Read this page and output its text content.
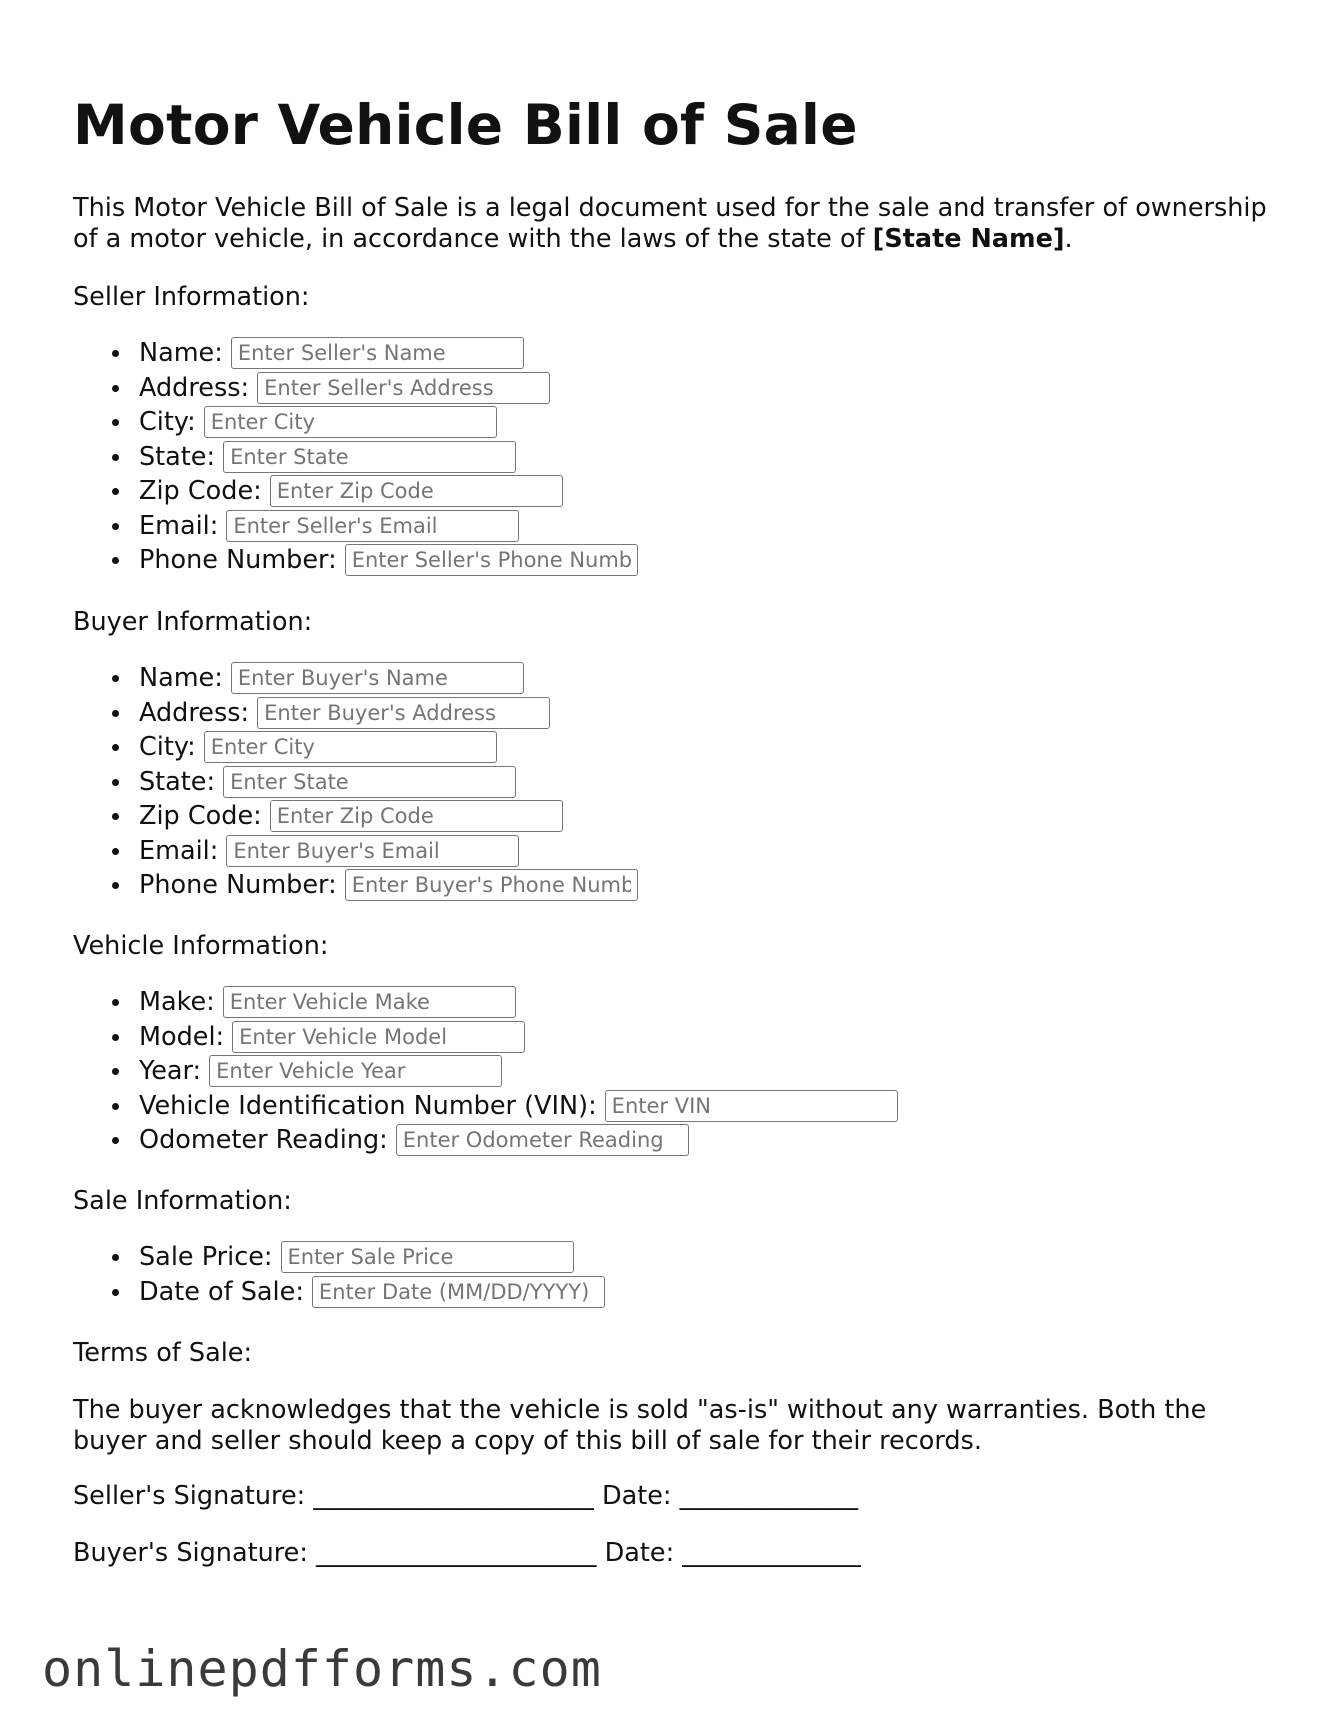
Motor Vehicle Bill of Sale
This Motor Vehicle Bill of Sale is a legal document used for the sale and transfer of ownership of a motor vehicle, in accordance with the laws of the state of [State Name].
Seller Information:
Name:Enter Seller's Name
Address:Enter Seller's Address
City:Enter City
State:Enter State
Zip Code:Enter Zip Code
Email:Enter Seller's Email
Phone Number:Enter Seller's Phone Number
Buyer Information:
Name:Enter Buyer's Name
Address:Enter Buyer's Address
City:Enter City
State:Enter State
Zip Code:Enter Zip Code
Email:Enter Buyer's Email
Phone Number:Enter Buyer's Phone Number
Vehicle Information:
Make:Enter Vehicle Make
Model:Enter Vehicle Model
Year:Enter Vehicle Year
Vehicle Identification Number (VIN):Enter VIN
Odometer Reading:Enter Odometer Reading
Sale Information:
Sale Price:Enter Sale Price
Date of Sale:Enter Date (MM/DD/YYYY)
Terms of Sale:
The buyer acknowledges that the vehicle is sold "as-is" without any warranties. Both the buyer and seller should keep a copy of this bill of sale for their records.
Seller's Signature: ______________________ Date: ______________
Buyer's Signature: ______________________ Date: ______________
onlinepdfforms.com
